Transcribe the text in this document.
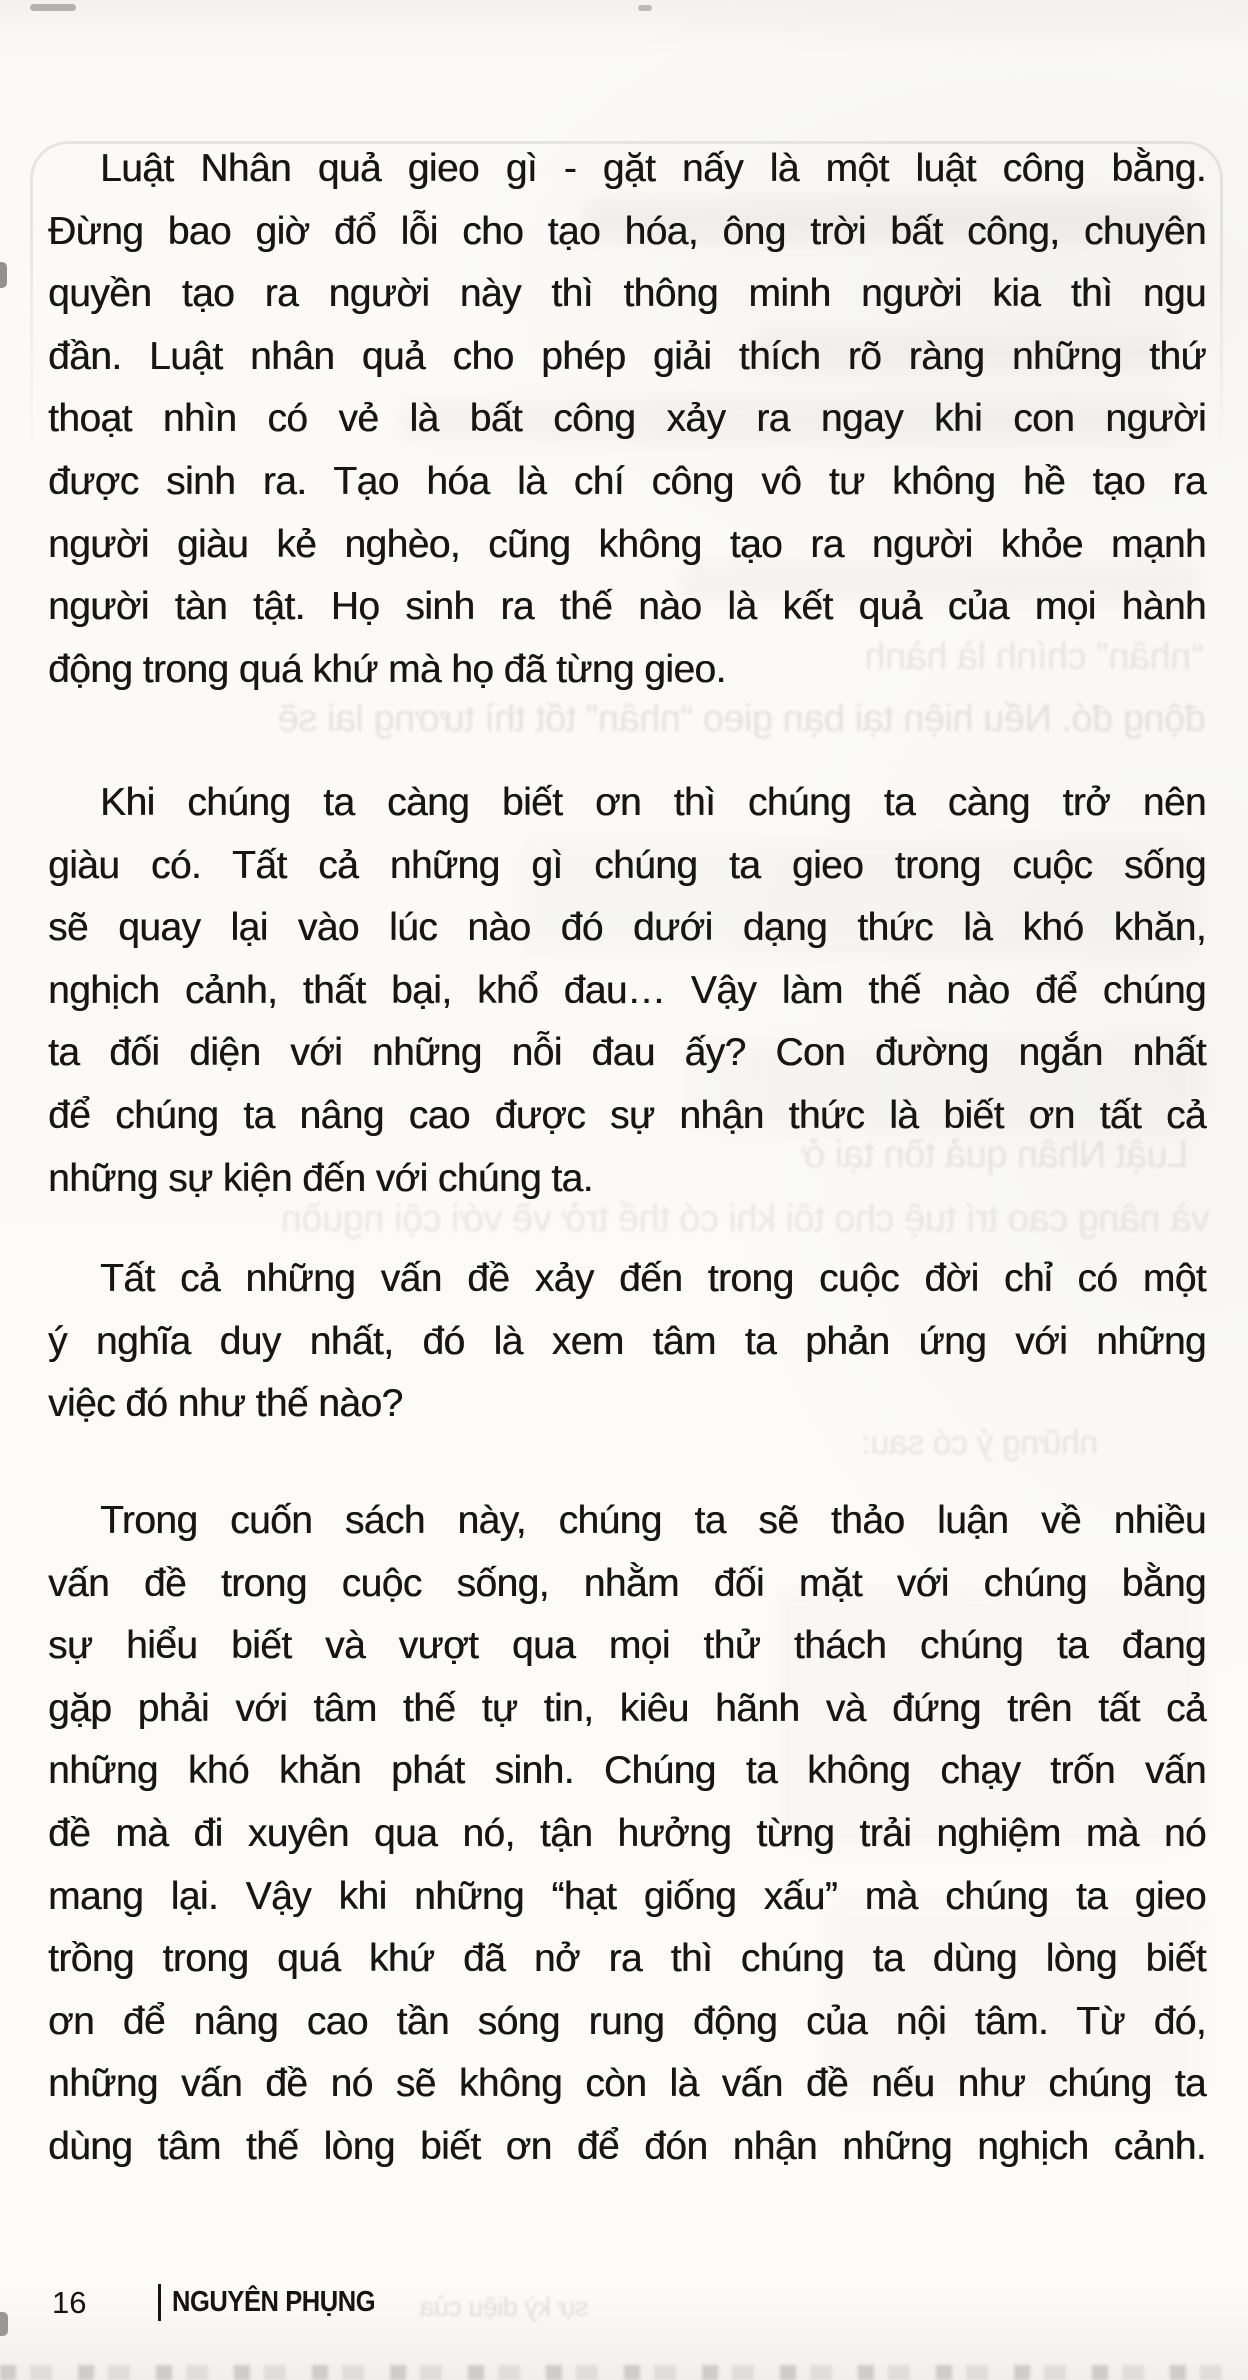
“nhân” chính là hành
động đó. Nếu hiện tại bạn gieo “nhân” tốt thì tương lai sẽ
Luật Nhân quả tồn tại ở
và nâng cao trí tuệ cho tôi khi có thể trở về với cội nguồn
những ý có sau:
sự kỳ diệu của
Luật Nhân quả gieo gì - gặt nấy là một luật công bằng.
Đừng bao giờ đổ lỗi cho tạo hóa, ông trời bất công, chuyên
quyền tạo ra người này thì thông minh người kia thì ngu
đần. Luật nhân quả cho phép giải thích rõ ràng những thứ
thoạt nhìn có vẻ là bất công xảy ra ngay khi con người
được sinh ra. Tạo hóa là chí công vô tư không hề tạo ra
người giàu kẻ nghèo, cũng không tạo ra người khỏe mạnh
người tàn tật. Họ sinh ra thế nào là kết quả của mọi hành
động trong quá khứ mà họ đã từng gieo.
Khi chúng ta càng biết ơn thì chúng ta càng trở nên
giàu có. Tất cả những gì chúng ta gieo trong cuộc sống
sẽ quay lại vào lúc nào đó dưới dạng thức là khó khăn,
nghịch cảnh, thất bại, khổ đau… Vậy làm thế nào để chúng
ta đối diện với những nỗi đau ấy? Con đường ngắn nhất
để chúng ta nâng cao được sự nhận thức là biết ơn tất cả
những sự kiện đến với chúng ta.
Tất cả những vấn đề xảy đến trong cuộc đời chỉ có một
ý nghĩa duy nhất, đó là xem tâm ta phản ứng với những
việc đó như thế nào?
Trong cuốn sách này, chúng ta sẽ thảo luận về nhiều
vấn đề trong cuộc sống, nhằm đối mặt với chúng bằng
sự hiểu biết và vượt qua mọi thử thách chúng ta đang
gặp phải với tâm thế tự tin, kiêu hãnh và đứng trên tất cả
những khó khăn phát sinh. Chúng ta không chạy trốn vấn
đề mà đi xuyên qua nó, tận hưởng từng trải nghiệm mà nó
mang lại. Vậy khi những “hạt giống xấu” mà chúng ta gieo
trồng trong quá khứ đã nở ra thì chúng ta dùng lòng biết
ơn để nâng cao tần sóng rung động của nội tâm. Từ đó,
những vấn đề nó sẽ không còn là vấn đề nếu như chúng ta
dùng tâm thế lòng biết ơn để đón nhận những nghịch cảnh.
16	NGUYÊN PHỤNG
